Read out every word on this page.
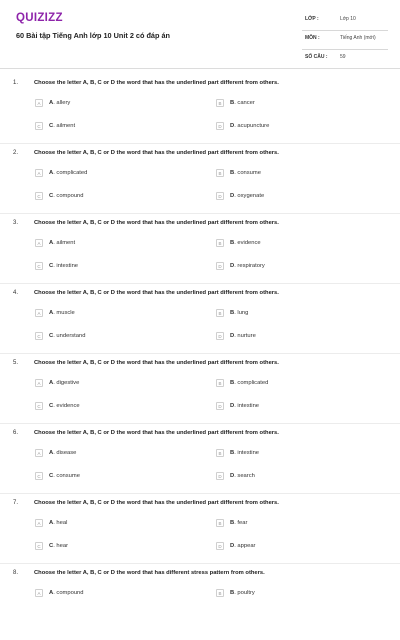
QUIZIZZ
60 Bài tập Tiếng Anh lớp 10 Unit 2 có đáp án
LỚP :	Lớp 10
MÔN :	Tiếng Anh (mới)
SỐ CÂU :	59
1.	Choose the letter A, B, C or D the word that has the underlined part different from others.
A	A. allery	B	B. cancer
C	C. ailment	D	D. acupuncture
2.	Choose the letter A, B, C or D the word that has the underlined part different from others.
A	A. complicated	B	B. consume
C	C. compound	D	D. oxygenate
3.	Choose the letter A, B, C or D the word that has the underlined part different from others.
A	A. ailment	B	B. evidence
C	C. intestine	D	D. respiratory
4.	Choose the letter A, B, C or D the word that has the underlined part different from others.
A	A. muscle	B	B. lung
C	C. understand	D	D. nurture
5.	Choose the letter A, B, C or D the word that has the underlined part different from others.
A	A. digestive	B	B. complicated
C	C. evidence	D	D. intestine
6.	Choose the letter A, B, C or D the word that has the underlined part different from others.
A	A. disease	B	B. intestine
C	C. consume	D	D. search
7.	Choose the letter A, B, C or D the word that has the underlined part different from others.
A	A. heal	B	B. fear
C	C. hear	D	D. appear
8.	Choose the letter A, B, C or D the word that has different stress pattern from others.
A	A. compound	B	B. poultry
